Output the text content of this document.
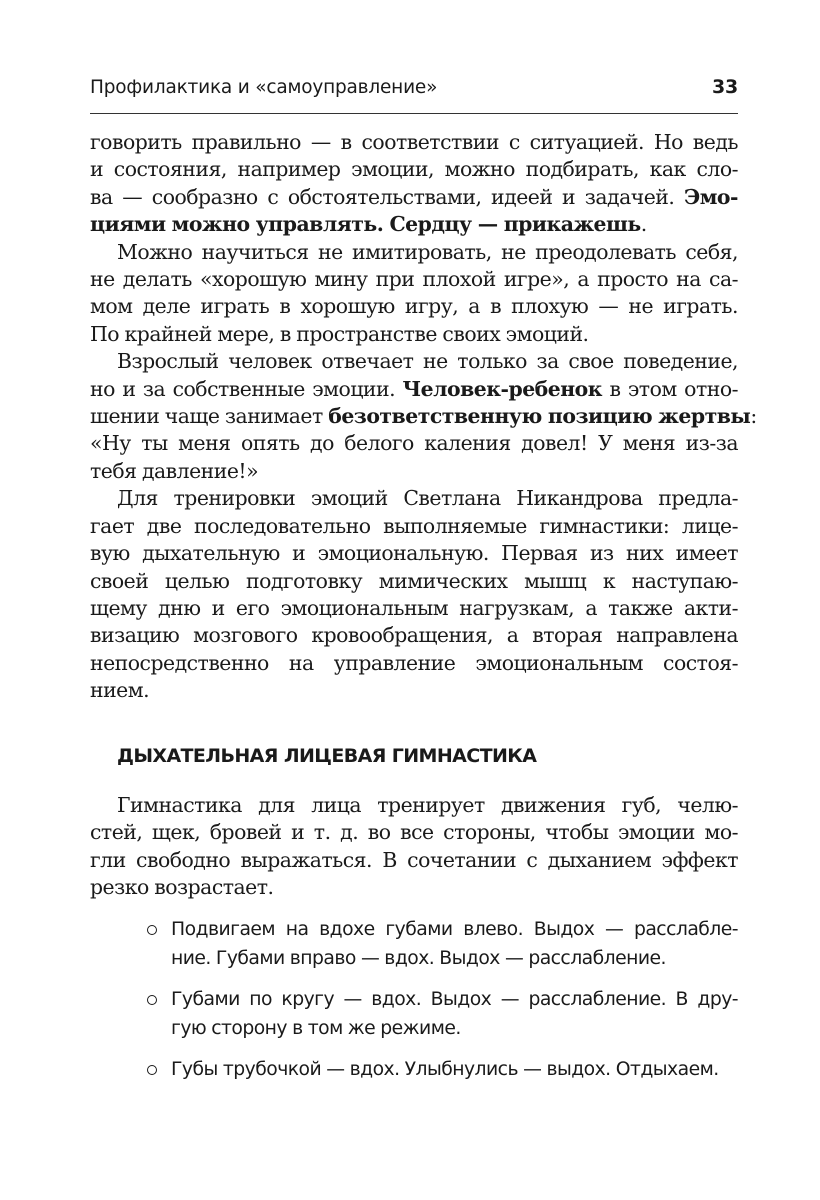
Профилактика и «самоуправление»	33

говорить правильно — в соответствии с ситуацией. Но ведь
и состояния, например эмоции, можно подбирать, как сло-
ва — сообразно с обстоятельствами, идеей и задачей. Эмо-
циями можно управлять. Сердцу — прикажешь.

Можно научиться не имитировать, не преодолевать себя,
не делать «хорошую мину при плохой игре», а просто на са-
мом деле играть в хорошую игру, а в плохую — не играть.
По крайней мере, в пространстве своих эмоций.

Взрослый человек отвечает не только за свое поведение,
но и за собственные эмоции. Человек-ребенок в этом отно-
шении чаще занимает безответственную позицию жертвы:
«Ну ты меня опять до белого каления довел! У меня из-за
тебя давление!»

Для тренировки эмоций Светлана Никандрова предла-
гает две последовательно выполняемые гимнастики: лице-
вую дыхательную и эмоциональную. Первая из них имеет
своей целью подготовку мимических мышц к наступаю-
щему дню и его эмоциональным нагрузкам, а также акти-
визацию мозгового кровообращения, а вторая направлена
непосредственно на управление эмоциональным состоя-
нием.

ДЫХАТЕЛЬНАЯ ЛИЦЕВАЯ ГИМНАСТИКА
Гимнастика для лица тренирует движения губ, челю-
стей, щек, бровей и т. д. во все стороны, чтобы эмоции мо-
гли свободно выражаться. В сочетании с дыханием эффект
резко возрастает.
Подвигаем на вдохе губами влево. Выдох — расслабле-
ние. Губами вправо — вдох. Выдох — расслабление.
Губами по кругу — вдох. Выдох — расслабление. В дру-
гую сторону в том же режиме.
Губы трубочкой — вдох. Улыбнулись — выдох. Отдыхаем.
